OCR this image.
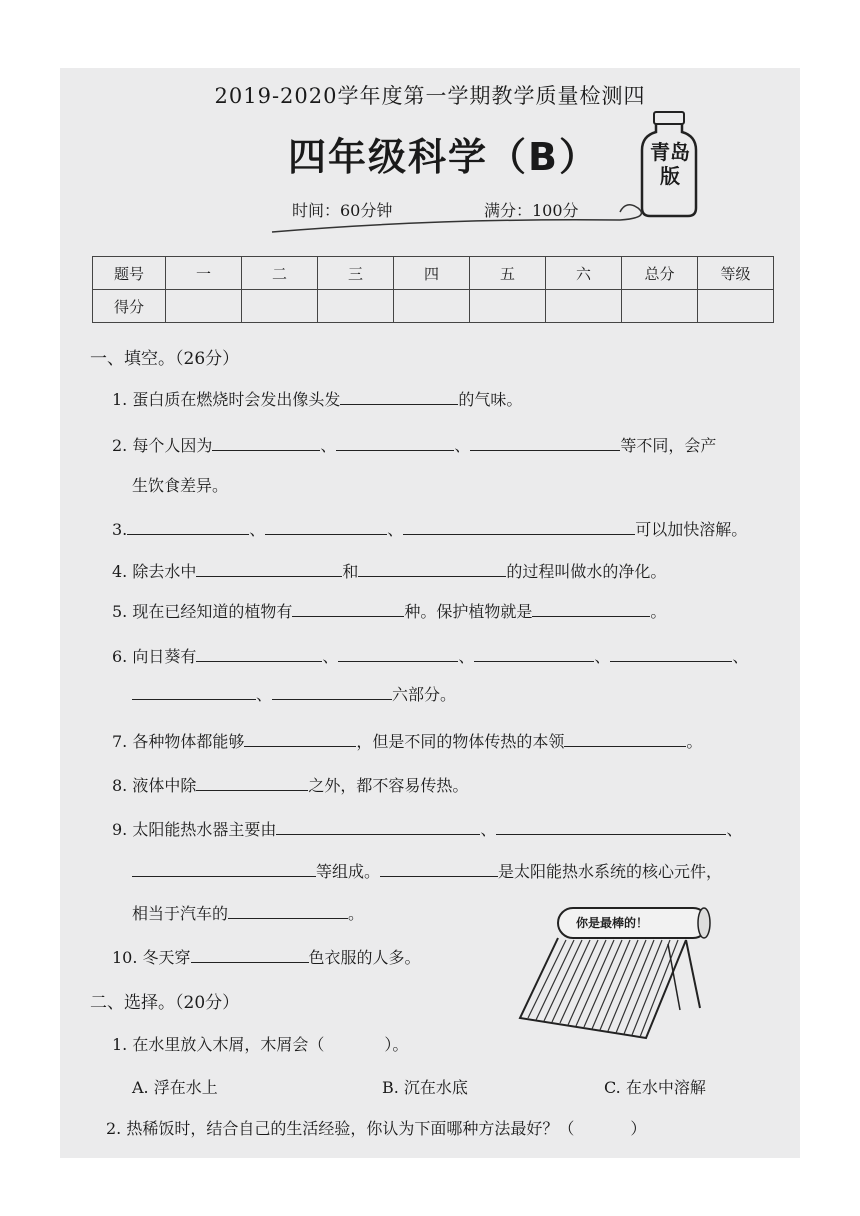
2019-2020学年度第一学期教学质量检测四
四年级科学（B）	青岛版
时间：60分钟	满分：100分
题号	一	二	三	四	五	六	总分	等级
得分								
一、填空。（26分）
1. 蛋白质在燃烧时会发出像头发	的气味。
2. 每个人因为	、	、	等不同，会产
生饮食差异。
3.	、	、	可以加快溶解。
4. 除去水中	和	的过程叫做水的净化。
5. 现在已经知道的植物有	种。保护植物就是	。
6. 向日葵有	、	、	、	、
、	六部分。
7. 各种物体都能够	，但是不同的物体传热的本领	。
8. 液体中除	之外，都不容易传热。
9. 太阳能热水器主要由	、	、
等组成。	是太阳能热水系统的核心元件，
相当于汽车的	。
10. 冬天穿	色衣服的人多。
你是最棒的！
二、选择。（20分）
1. 在水里放入木屑，木屑会（	）。
A. 浮在水上	B. 沉在水底	C. 在水中溶解
2. 热稀饭时，结合自己的生活经验，你认为下面哪种方法最好？（	）
